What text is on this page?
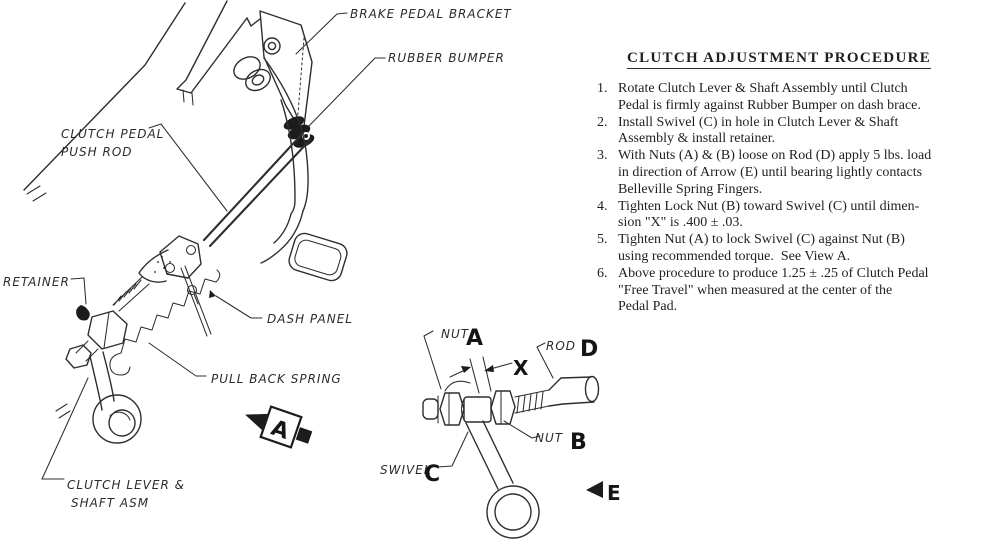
A
BRAKE PEDAL BRACKET
RUBBER BUMPER
CLUTCH PEDAL
PUSH ROD
RETAINER
DASH PANEL
PULL BACK SPRING
CLUTCH LEVER &
SHAFT ASM
NUT
A	ROD D
NUT B
SWIVEL
C
X
E
CLUTCH ADJUSTMENT PROCEDURE
1. Rotate Clutch Lever & Shaft Assembly until Clutch
Pedal is firmly against Rubber Bumper on dash brace.
2. Install Swivel (C) in hole in Clutch Lever & Shaft
Assembly & install retainer.
3. With Nuts (A) & (B) loose on Rod (D) apply 5 lbs. load
in direction of Arrow (E) until bearing lightly contacts
Belleville Spring Fingers.
4. Tighten Lock Nut (B) toward Swivel (C) until dimen-
sion "X" is .400 ± .03.
5. Tighten Nut (A) to lock Swivel (C) against Nut (B)
using recommended torque.  See View A.
6. Above procedure to produce 1.25 ± .25 of Clutch Pedal
"Free Travel" when measured at the center of the
Pedal Pad.
